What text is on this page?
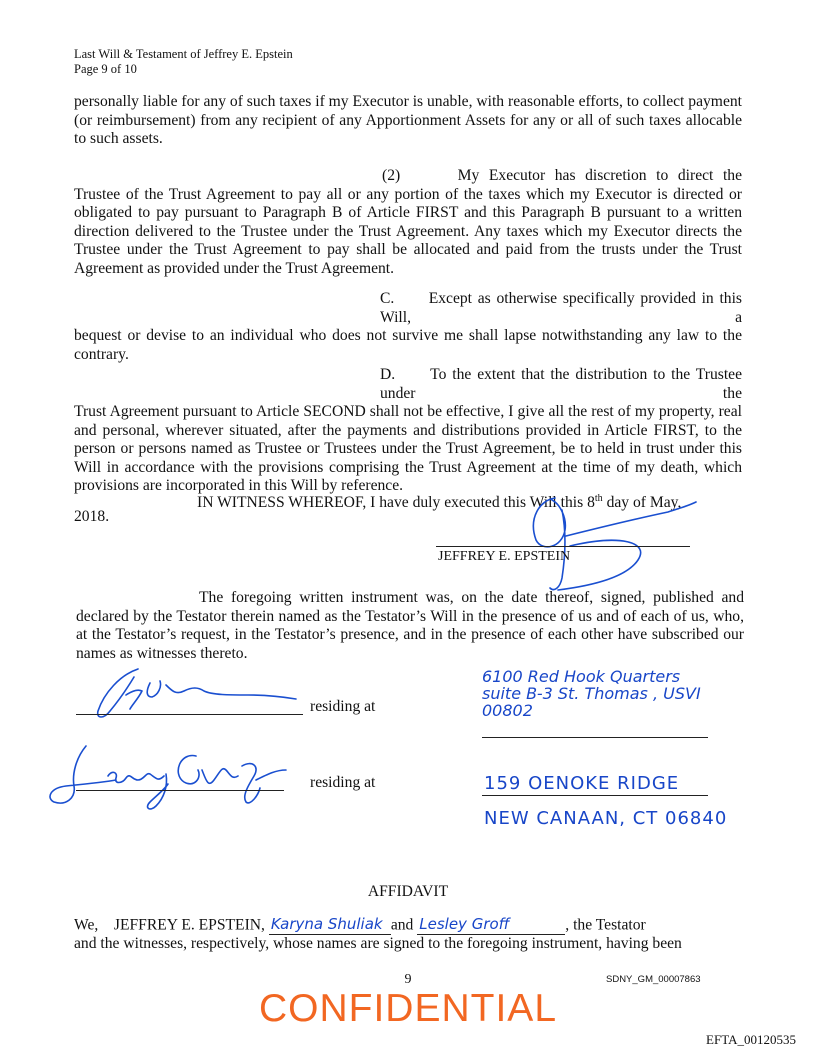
Last Will & Testament of Jeffrey E. Epstein
Page 9 of 10
personally liable for any of such taxes if my Executor is unable, with reasonable efforts, to collect payment (or reimbursement) from any recipient of any Apportionment Assets for any or all of such taxes allocable to such assets.
(2)	My Executor has discretion to direct the
Trustee of the Trust Agreement to pay all or any portion of the taxes which my Executor is directed or obligated to pay pursuant to Paragraph B of Article FIRST and this Paragraph B pursuant to a written direction delivered to the Trustee under the Trust Agreement. Any taxes which my Executor directs the Trustee under the Trust Agreement to pay shall be allocated and paid from the trusts under the Trust Agreement as provided under the Trust Agreement.
C. Except as otherwise specifically provided in this Will, a
bequest or devise to an individual who does not survive me shall lapse notwithstanding any law to the contrary.
D. To the extent that the distribution to the Trustee under the
Trust Agreement pursuant to Article SECOND shall not be effective, I give all the rest of my property, real and personal, wherever situated, after the payments and distributions provided in Article FIRST, to the person or persons named as Trustee or Trustees under the Trust Agreement, be to held in trust under this Will in accordance with the provisions comprising the Trust Agreement at the time of my death, which provisions are incorporated in this Will by reference.
IN WITNESS WHEREOF, I have duly executed this Will this 8th day of May,
2018.
JEFFREY E. EPSTEIN
The foregoing written instrument was, on the date thereof, signed, published and declared by the Testator therein named as the Testator’s Will in the presence of us and of each of us, who, at the Testator’s request, in the Testator’s presence, and in the presence of each other have subscribed our names as witnesses thereto.
residing at
6100 Red Hook Quarters
suite B-3 St. Thomas , USVI
00802
residing at	159 OENOKE RIDGE
NEW CANAAN, CT 06840
AFFIDAVIT
We, JEFFREY E. EPSTEIN, Karyna Shuliak and Lesley Groff	, the Testator
and the witnesses, respectively, whose names are signed to the foregoing instrument, having been
9
CONFIDENTIAL
SDNY_GM_00007863
EFTA_00120535
